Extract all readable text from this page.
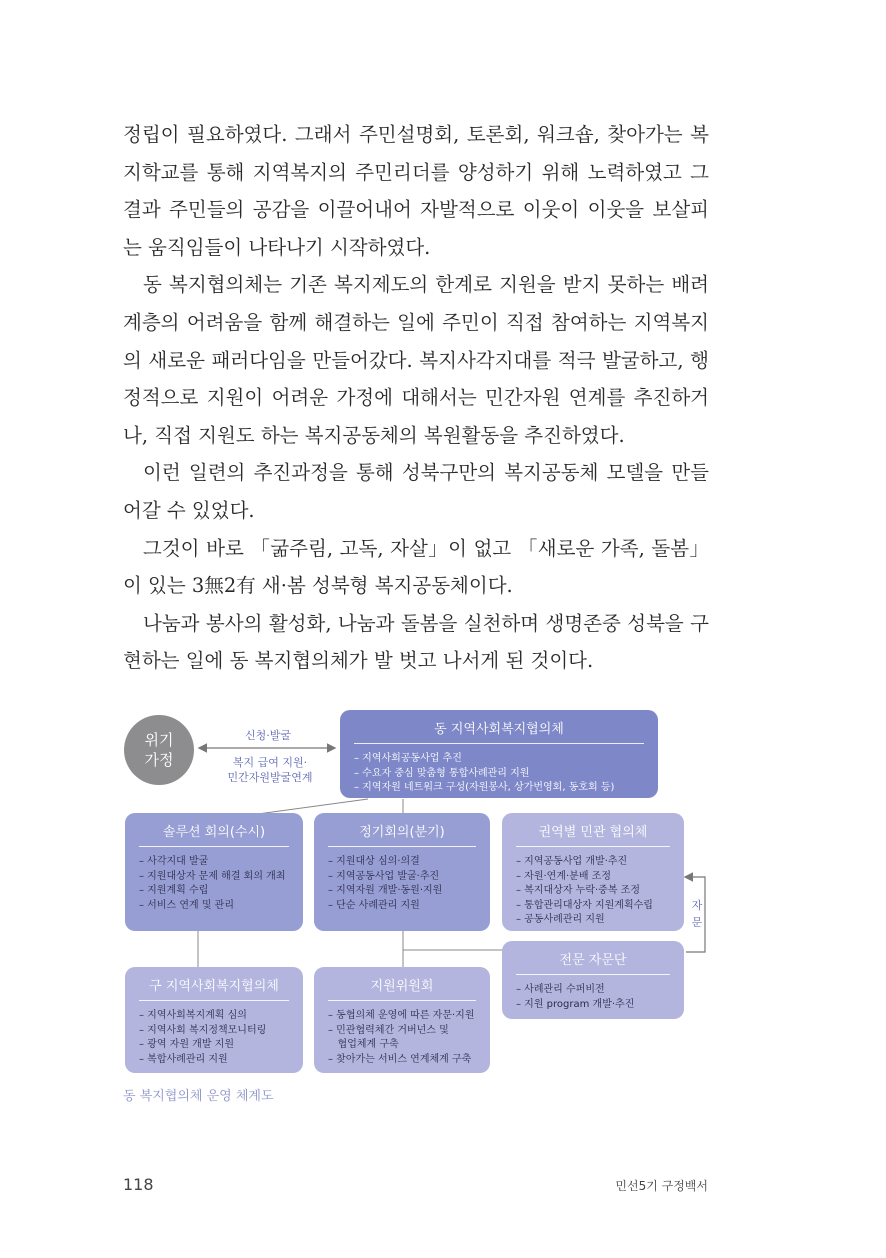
정립이 필요하였다. 그래서 주민설명회, 토론회, 워크숍, 찾아가는 복지학교를 통해 지역복지의 주민리더를 양성하기 위해 노력하였고 그 결과 주민들의 공감을 이끌어내어 자발적으로 이웃이 이웃을 보살피는 움직임들이 나타나기 시작하였다.

동 복지협의체는 기존 복지제도의 한계로 지원을 받지 못하는 배려계층의 어려움을 함께 해결하는 일에 주민이 직접 참여하는 지역복지의 새로운 패러다임을 만들어갔다. 복지사각지대를 적극 발굴하고, 행정적으로 지원이 어려운 가정에 대해서는 민간자원 연계를 추진하거나, 직접 지원도 하는 복지공동체의 복원활동을 추진하였다.

이런 일련의 추진과정을 통해 성북구만의 복지공동체 모델을 만들어갈 수 있었다.

그것이 바로 「굶주림, 고독, 자살」이 없고 「새로운 가족, 돌봄」이 있는 3無2有 새·봄 성북형 복지공동체이다.

나눔과 봉사의 활성화, 나눔과 돌봄을 실천하며 생명존중 성북을 구현하는 일에 동 복지협의체가 발 벗고 나서게 된 것이다.

위기
가정
신청·발굴
복지 급여 지원·
민간자원발굴연계
동 지역사회복지협의체
– 지역사회공동사업 추진
– 수요자 중심 맞춤형 통합사례관리 지원
– 지역자원 네트워크 구성(자원봉사, 상가번영회, 동호회 등)
솔루션 회의(수시)
– 사각지대 발굴
– 지원대상자 문제 해결 회의 개최
– 지원계획 수립
– 서비스 연계 및 관리
정기회의(분기)
– 지원대상 심의·의결
– 지역공동사업 발굴·추진
– 지역자원 개발·동원·지원
– 단순 사례관리 지원
권역별 민관 협의체
– 지역공동사업 개발·추진
– 자원·연계·분배 조정
– 복지대상자 누락·중복 조정
– 통합관리대상자 지원계획수립
– 공동사례관리 지원
자
문
전문 자문단
– 사례관리 수퍼비전
– 지원 program 개발·추진
구 지역사회복지협의체
– 지역사회복지계획 심의
– 지역사회 복지정책모니터링
– 광역 자원 개발 지원
– 복합사례관리 지원
지원위원회
– 동협의체 운영에 따른 자문·지원
– 민관협력체간 거버넌스 및
협업체계 구축
– 찾아가는 서비스 연계체계 구축
동 복지협의체 운영 체계도
118	민선5기 구정백서
